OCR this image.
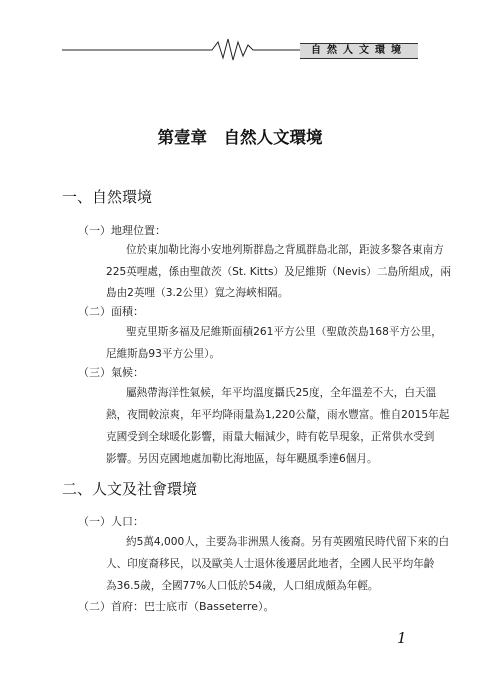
自然人文環境
第壹章　自然人文環境
一、自然環境
（一）地理位置：
位於東加勒比海小安地列斯群島之背風群島北部，距波多黎各東南方
225英哩處，係由聖啟茨（St. Kitts）及尼維斯（Nevis）二島所組成，兩
島由2英哩（3.2公里）寬之海峽相隔。
（二）面積：
聖克里斯多福及尼維斯面積261平方公里（聖啟茨島168平方公里，
尼維斯島93平方公里）。
（三）氣候：
屬熱帶海洋性氣候，年平均溫度攝氏25度，全年溫差不大，白天溫
熱，夜間較涼爽，年平均降雨量為1,220公釐，雨水豐富。惟自2015年起
克國受到全球暖化影響，雨量大幅減少，時有乾旱現象，正常供水受到
影響。另因克國地處加勒比海地區，每年颶風季達6個月。
二、人文及社會環境
（一）人口：
約5萬4,000人，主要為非洲黑人後裔。另有英國殖民時代留下來的白
人、印度裔移民，以及歐美人士退休後遷居此地者，全國人民平均年齡
為36.5歲，全國77%人口低於54歲，人口組成頗為年輕。
（二）首府：巴士底市（Basseterre）。
1
